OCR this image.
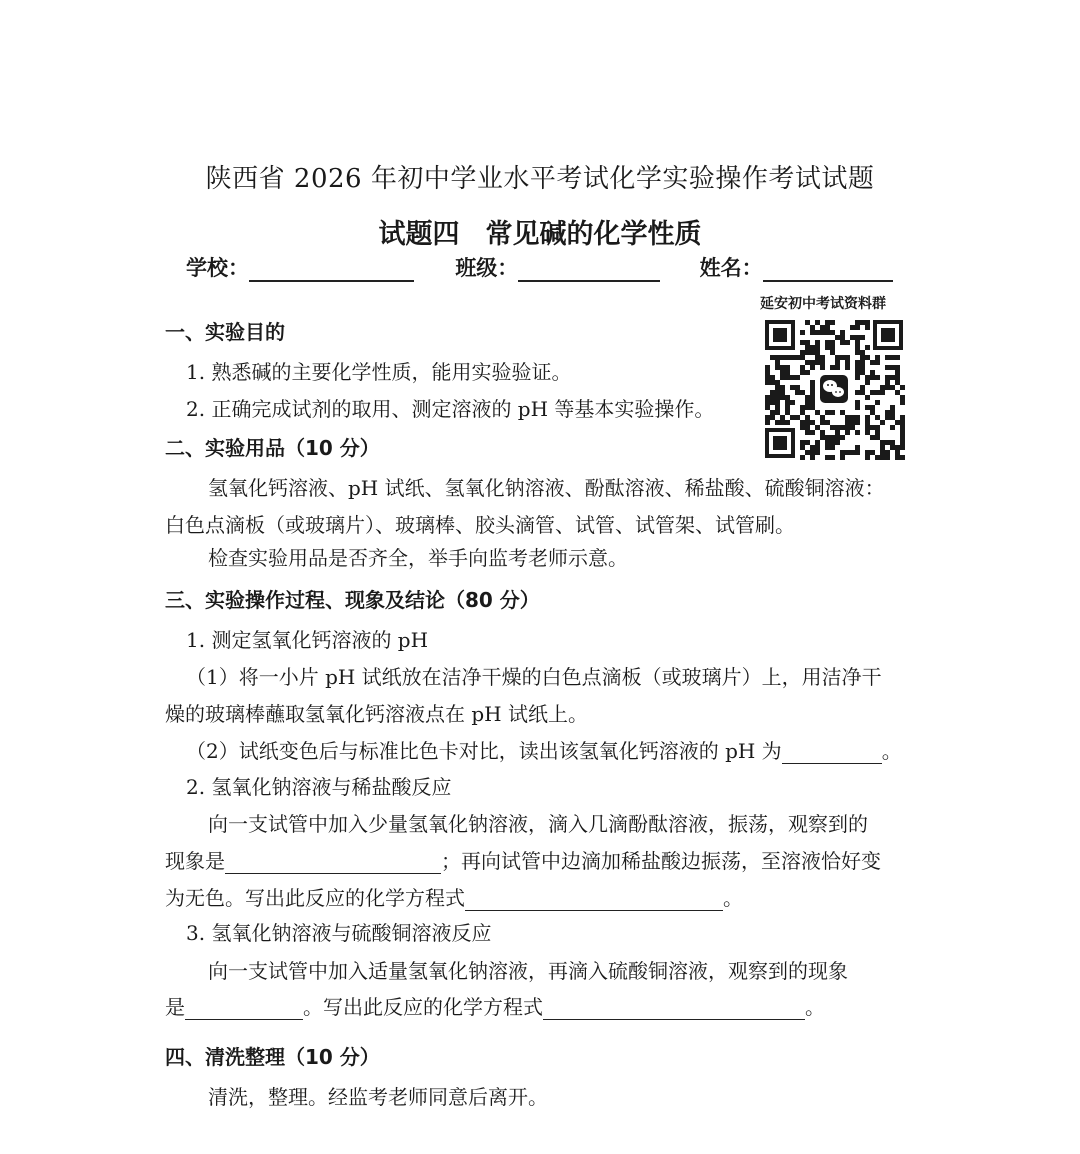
陕西省 2026 年初中学业水平考试化学实验操作考试试题
试题四 常见碱的化学性质
学校：	班级：	姓名：
延安初中考试资料群
一、实验目的
1. 熟悉碱的主要化学性质，能用实验验证。
2. 正确完成试剂的取用、测定溶液的 pH 等基本实验操作。
二、实验用品（10 分）
氢氧化钙溶液、pH 试纸、氢氧化钠溶液、酚酞溶液、稀盐酸、硫酸铜溶液：
白色点滴板（或玻璃片）、玻璃棒、胶头滴管、试管、试管架、试管刷。
检查实验用品是否齐全，举手向监考老师示意。
三、实验操作过程、现象及结论（80 分）
1. 测定氢氧化钙溶液的 pH
（1）将一小片 pH 试纸放在洁净干燥的白色点滴板（或玻璃片）上，用洁净干
燥的玻璃棒蘸取氢氧化钙溶液点在 pH 试纸上。
（2）试纸变色后与标准比色卡对比，读出该氢氧化钙溶液的 pH 为	。
2. 氢氧化钠溶液与稀盐酸反应
向一支试管中加入少量氢氧化钠溶液，滴入几滴酚酞溶液，振荡，观察到的
现象是	；再向试管中边滴加稀盐酸边振荡，至溶液恰好变
为无色。写出此反应的化学方程式	。
3. 氢氧化钠溶液与硫酸铜溶液反应
向一支试管中加入适量氢氧化钠溶液，再滴入硫酸铜溶液，观察到的现象
是	。写出此反应的化学方程式	。
四、清洗整理（10 分）
清洗，整理。经监考老师同意后离开。
